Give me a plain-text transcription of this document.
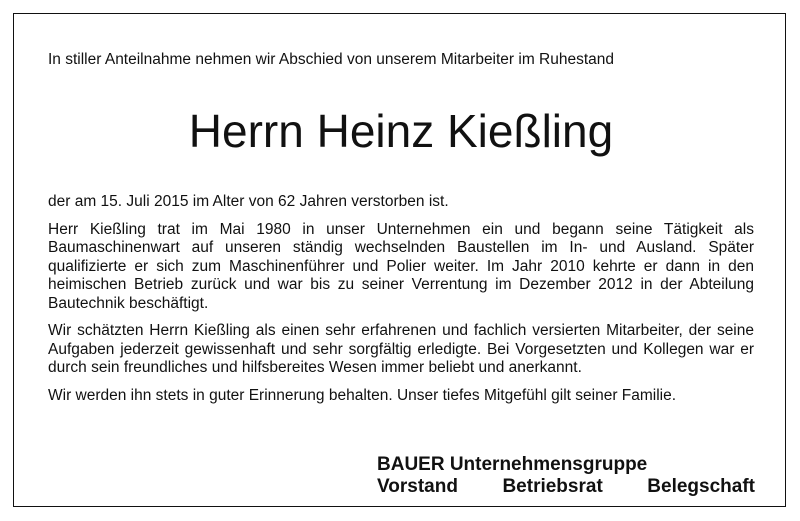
In stiller Anteilnahme nehmen wir Abschied von unserem Mitarbeiter im Ruhestand
Herrn Heinz Kießling

der am 15. Juli 2015 im Alter von 62 Jahren verstorben ist.

Herr Kießling trat im Mai 1980 in unser Unternehmen ein und begann seine Tätigkeit als Baumaschinenwart auf unseren ständig wechselnden Baustellen im In- und Ausland. Später qualifizierte er sich zum Maschinenführer und Polier weiter. Im Jahr 2010 kehrte er dann in den heimischen Betrieb zurück und war bis zu seiner Verrentung im Dezember 2012 in der Abteilung Bautechnik beschäftigt.

Wir schätzten Herrn Kießling als einen sehr erfahrenen und fachlich versierten Mitarbeiter, der seine Aufgaben jederzeit gewissenhaft und sehr sorgfältig erledigte. Bei Vorgesetzten und Kollegen war er durch sein freundliches und hilfsbereites Wesen immer beliebt und anerkannt.

Wir werden ihn stets in guter Erinnerung behalten. Unser tiefes Mitgefühl gilt seiner Familie.

BAUER Unternehmensgruppe
Vorstand Betriebsrat Belegschaft
